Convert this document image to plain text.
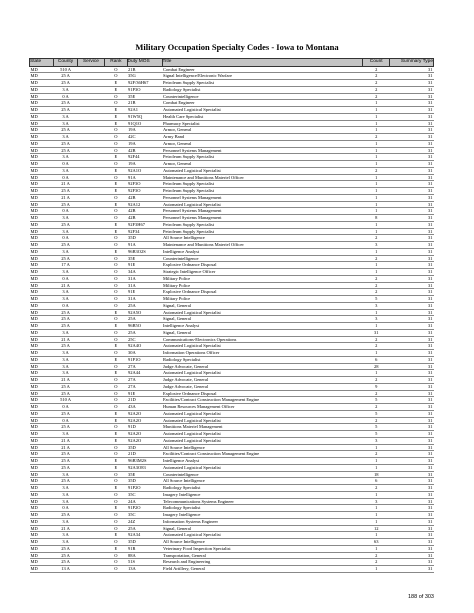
Military Occupation Specialty Codes - Iowa to Montana
State	County	Service	Rank	Duty MOS	Title	Count	Summary Type
MD	510 A		O	21B	Combat Engineer	2	31
MD	25 A		O	35G	Signal Intelligence/Electronic Warfare	2	31
MD	25 A		E	92F/36H67	Petroleum Supply Specialist	2	31
MD	3 A		E	91P3O	Radiology Specialist	2	31
MD	0 A		O	35E	Counterintelligence	2	31
MD	25 A		O	21B	Combat Engineer	1	31
MD	25 A		E	92A1	Automated Logistical Specialist	1	31
MD	3 A		E	91W5Q	Health Care Specialist	1	31
MD	3 A		E	91Q1O	Pharmacy Specialist	1	31
MD	25 A		O	19A	Armor, General	1	31
MD	3 A		O	42C	Army Band	2	31
MD	25 A		O	19A	Armor, General	1	31
MD	25 A		O	42B	Personnel Systems Management	1	31
MD	3 A		E	92F44	Petroleum Supply Specialist	1	31
MD	0 A		O	19A	Armor, General	1	31
MD	3 A		E	92A1O	Automated Logistical Specialist	2	31
MD	0 A		O	91A	Maintenance and Munitions Materiel Officer	1	31
MD	21 A		E	92F3O	Petroleum Supply Specialist	1	31
MD	25 A		E	92F3O	Petroleum Supply Specialist	1	31
MD	21 A		O	42B	Personnel Systems Management	1	31
MD	25 A		E	92A12	Automated Logistical Specialist	1	31
MD	0 A		O	42B	Personnel Systems Management	1	31
MD	3 A		O	42B	Personnel Systems Management	8	31
MD	25 A		E	92F3H67	Petroleum Supply Specialist	1	31
MD	3 A		E	92F34	Petroleum Supply Specialist	1	31
MD	0 A		O	35D	All Source Intelligence	2	31
MD	25 A		O	91A	Maintenance and Munitions Materiel Officer	3	31
MD	3 A		E	96B3O2S	Intelligence Analyst	1	31
MD	25 A		O	35E	Counterintelligence	2	31
MD	17 A		O	91E	Explosive Ordnance Disposal	1	31
MD	3 A		O	34A	Strategic Intelligence Officer	1	31
MD	0 A		O	31A	Military Police	2	31
MD	21 A		O	31A	Military Police	2	31
MD	3 A		O	91E	Explosive Ordnance Disposal	2	31
MD	3 A		O	31A	Military Police	5	31
MD	0 A		O	25A	Signal, General	3	31
MD	25 A		E	92A5O	Automated Logistical Specialist	1	31
MD	25 A		O	25A	Signal, General	3	31
MD	25 A		E	96B5O	Intelligence Analyst	1	31
MD	3 A		O	25A	Signal, General	31	31
MD	21 A		O	25C	Communications-Electronics Operations	2	31
MD	25 A		E	92A4O	Automated Logistical Specialist	2	31
MD	3 A		O	30A	Information Operations Officer	1	31
MD	3 A		E	91P1O	Radiology Specialist	6	31
MD	3 A		O	27A	Judge Advocate, General	28	31
MD	3 A		E	92A44	Automated Logistical Specialist	1	31
MD	21 A		O	27A	Judge Advocate, General	2	31
MD	25 A		O	27A	Judge Advocate, General	9	31
MD	25 A		O	91E	Explosive Ordnance Disposal	2	31
MD	510 A		O	21D	Facilities/Contract Construction Management Engine	5	31
MD	0 A		O	43A	Human Resources Management Officer	2	31
MD	25 A		E	92A2O	Automated Logistical Specialist	5	31
MD	0 A		E	92A2O	Automated Logistical Specialist	2	31
MD	25 A		O	91D	Munitions Materiel Management	5	31
MD	3 A		E	92A2O	Automated Logistical Specialist	5	31
MD	21 A		E	92A2O	Automated Logistical Specialist	3	31
MD	21 A		O	35D	All Source Intelligence	1	31
MD	25 A		O	21D	Facilities/Contract Construction Management Engine	2	31
MD	25 A		E	96B3M2S	Intelligence Analyst	1	31
MD	25 A		E	92A3O83	Automated Logistical Specialist	1	31
MD	3 A		O	35E	Counterintelligence	18	31
MD	25 A		O	35D	All Source Intelligence	6	31
MD	3 A		E	91P2O	Radiology Specialist	2	31
MD	3 A		O	35C	Imagery Intelligence	1	31
MD	3 A		O	24A	Telecommunications Systems Engineer	3	31
MD	0 A		E	91P2O	Radiology Specialist	1	31
MD	25 A		O	35C	Imagery Intelligence	1	31
MD	3 A		O	24Z	Information Systems Engineer	1	31
MD	21 A		O	25A	Signal, General	12	31
MD	3 A		E	92A34	Automated Logistical Specialist	1	31
MD	3 A		O	35D	All Source Intelligence	63	31
MD	25 A		E	91R	Veterinary Food Inspection Specialist	1	31
MD	25 A		O	88A	Transportation, General	2	31
MD	25 A		O	51S	Research and Engineering	2	31
MD	13 A		O	13A	Field Artillery, General	1	31
188 of 303
